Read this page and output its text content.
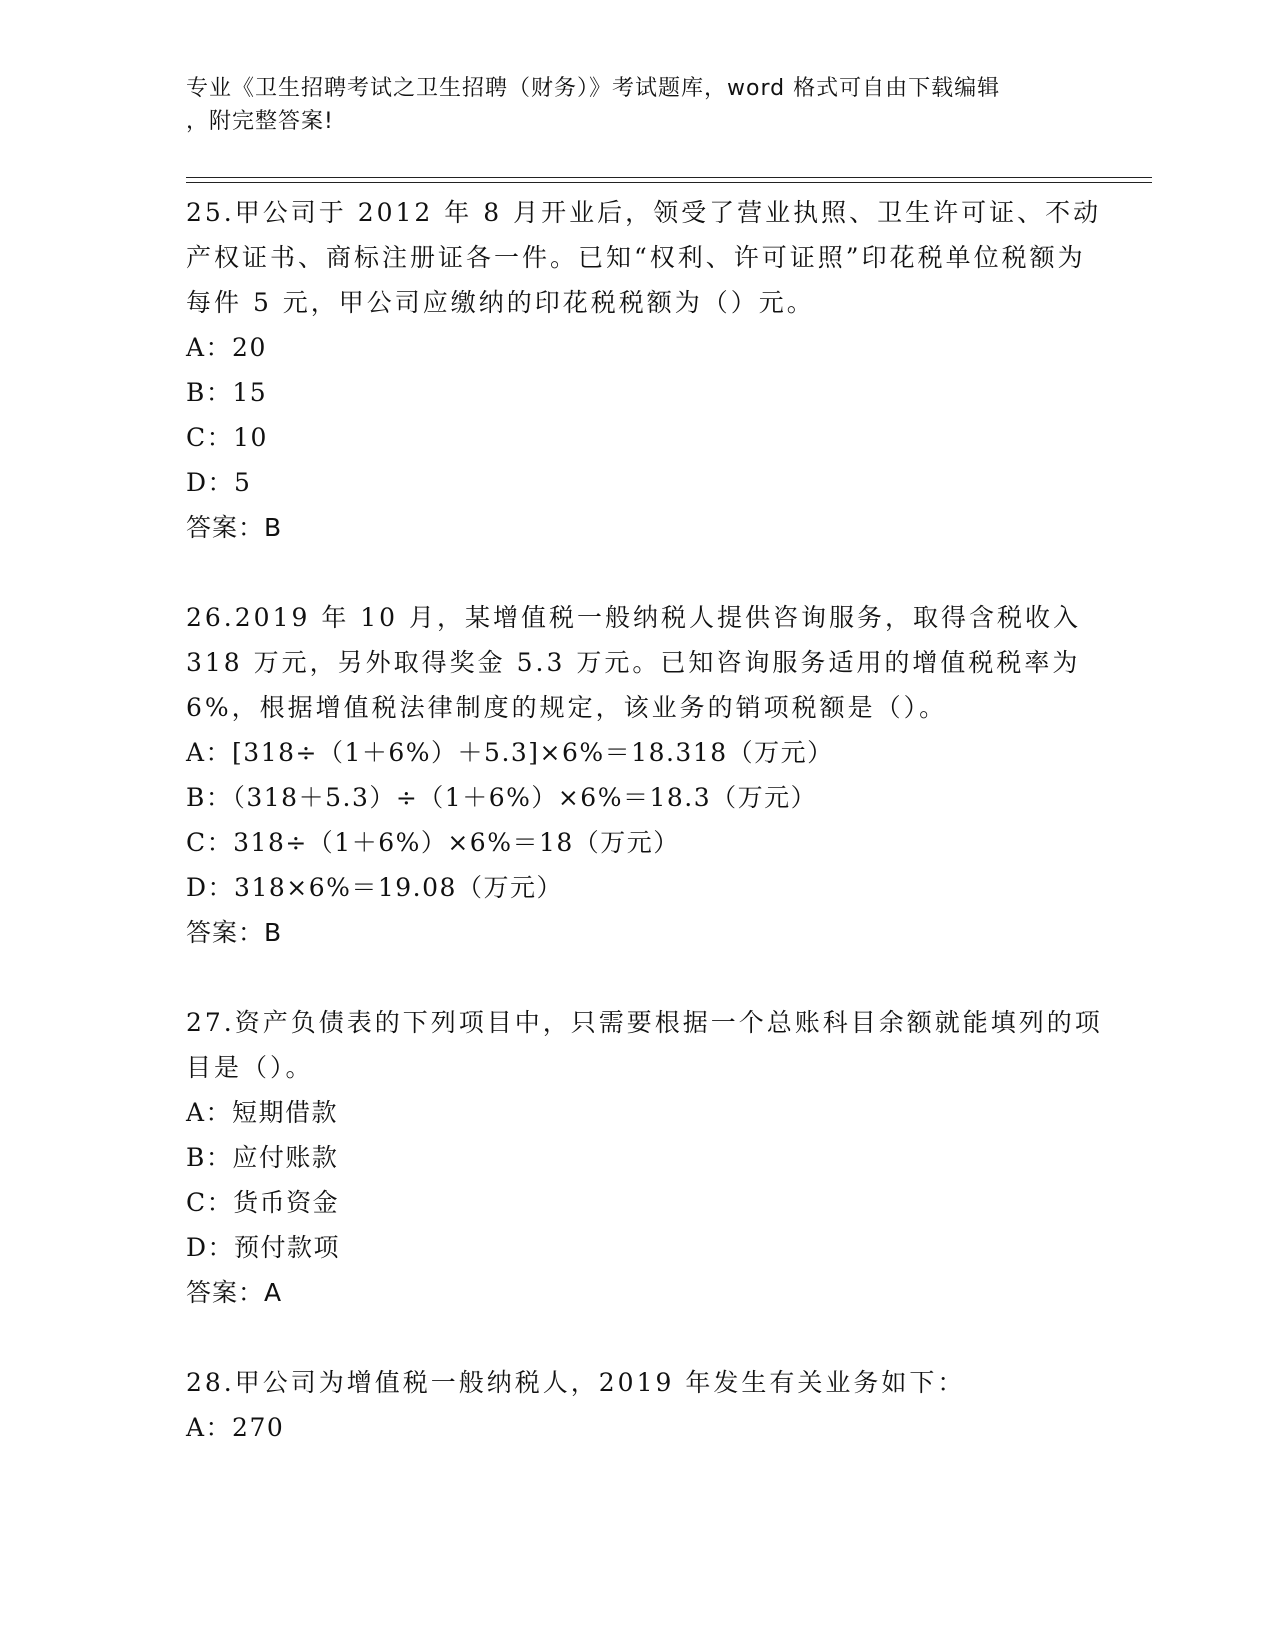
专业《卫生招聘考试之卫生招聘（财务）》考试题库，word 格式可自由下载编辑
，附完整答案!

25.甲公司于 2012 年 8 月开业后，领受了营业执照、卫生许可证、不动产权证书、商标注册证各一件。已知“权利、许可证照”印花税单位税额为每件 5 元，甲公司应缴纳的印花税税额为（）元。

A：20

B：15

C：10

D：5

答案：B

26.2019 年 10 月，某增值税一般纳税人提供咨询服务，取得含税收入 318 万元，另外取得奖金 5.3 万元。已知咨询服务适用的增值税税率为 6%，根据增值税法律制度的规定，该业务的销项税额是（）。

A：[318÷（1＋6%）＋5.3]×6%＝18.318（万元）

B：（318＋5.3）÷（1＋6%）×6%＝18.3（万元）

C：318÷（1＋6%）×6%＝18（万元）

D：318×6%＝19.08（万元）

答案：B

27.资产负债表的下列项目中，只需要根据一个总账科目余额就能填列的项目是（）。

A：短期借款

B：应付账款

C：货币资金

D：预付款项

答案：A

28.甲公司为增值税一般纳税人，2019 年发生有关业务如下：

A：270
